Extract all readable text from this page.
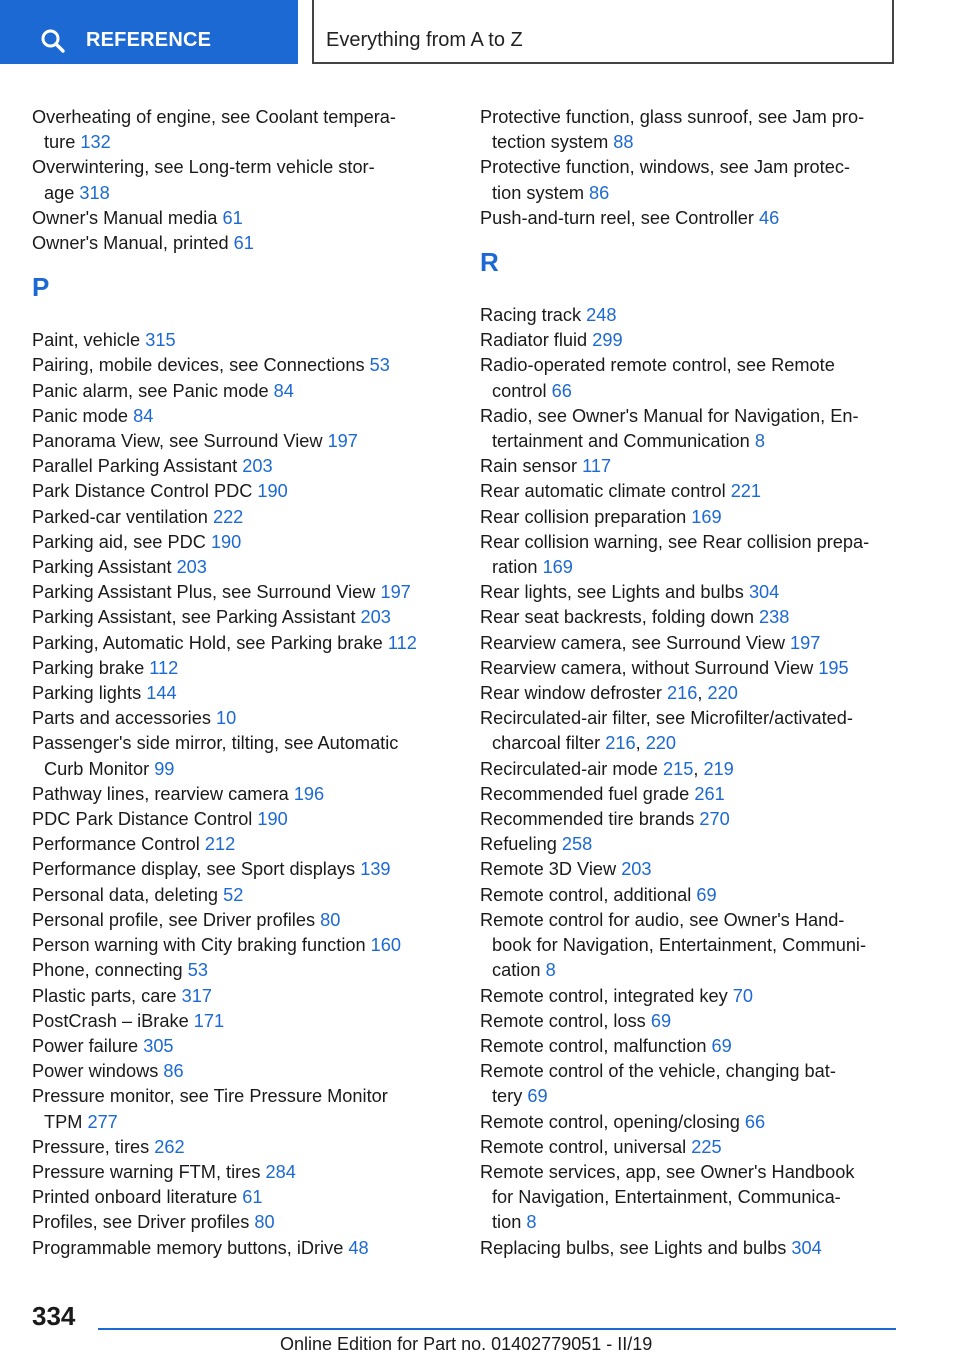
REFERENCE	Everything from A to Z
Overheating of engine, see Coolant tempera-
ture 132
Overwintering, see Long-term vehicle stor-
age 318
Owner's Manual media 61
Owner's Manual, printed 61
P
Paint, vehicle 315
Pairing, mobile devices, see Connections 53
Panic alarm, see Panic mode 84
Panic mode 84
Panorama View, see Surround View 197
Parallel Parking Assistant 203
Park Distance Control PDC 190
Parked-car ventilation 222
Parking aid, see PDC 190
Parking Assistant 203
Parking Assistant Plus, see Surround View 197
Parking Assistant, see Parking Assistant 203
Parking, Automatic Hold, see Parking brake 112
Parking brake 112
Parking lights 144
Parts and accessories 10
Passenger's side mirror, tilting, see Automatic
Curb Monitor 99
Pathway lines, rearview camera 196
PDC Park Distance Control 190
Performance Control 212
Performance display, see Sport displays 139
Personal data, deleting 52
Personal profile, see Driver profiles 80
Person warning with City braking function 160
Phone, connecting 53
Plastic parts, care 317
PostCrash – iBrake 171
Power failure 305
Power windows 86
Pressure monitor, see Tire Pressure Monitor
TPM 277
Pressure, tires 262
Pressure warning FTM, tires 284
Printed onboard literature 61
Profiles, see Driver profiles 80
Programmable memory buttons, iDrive 48
Protective function, glass sunroof, see Jam pro-
tection system 88
Protective function, windows, see Jam protec-
tion system 86
Push-and-turn reel, see Controller 46
R
Racing track 248
Radiator fluid 299
Radio-operated remote control, see Remote
control 66
Radio, see Owner's Manual for Navigation, En-
tertainment and Communication 8
Rain sensor 117
Rear automatic climate control 221
Rear collision preparation 169
Rear collision warning, see Rear collision prepa-
ration 169
Rear lights, see Lights and bulbs 304
Rear seat backrests, folding down 238
Rearview camera, see Surround View 197
Rearview camera, without Surround View 195
Rear window defroster 216, 220
Recirculated-air filter, see Microfilter/activated-
charcoal filter 216, 220
Recirculated-air mode 215, 219
Recommended fuel grade 261
Recommended tire brands 270
Refueling 258
Remote 3D View 203
Remote control, additional 69
Remote control for audio, see Owner's Hand-
book for Navigation, Entertainment, Communi-
cation 8
Remote control, integrated key 70
Remote control, loss 69
Remote control, malfunction 69
Remote control of the vehicle, changing bat-
tery 69
Remote control, opening/closing 66
Remote control, universal 225
Remote services, app, see Owner's Handbook
for Navigation, Entertainment, Communica-
tion 8
Replacing bulbs, see Lights and bulbs 304
334
Online Edition for Part no. 01402779051 - II/19
